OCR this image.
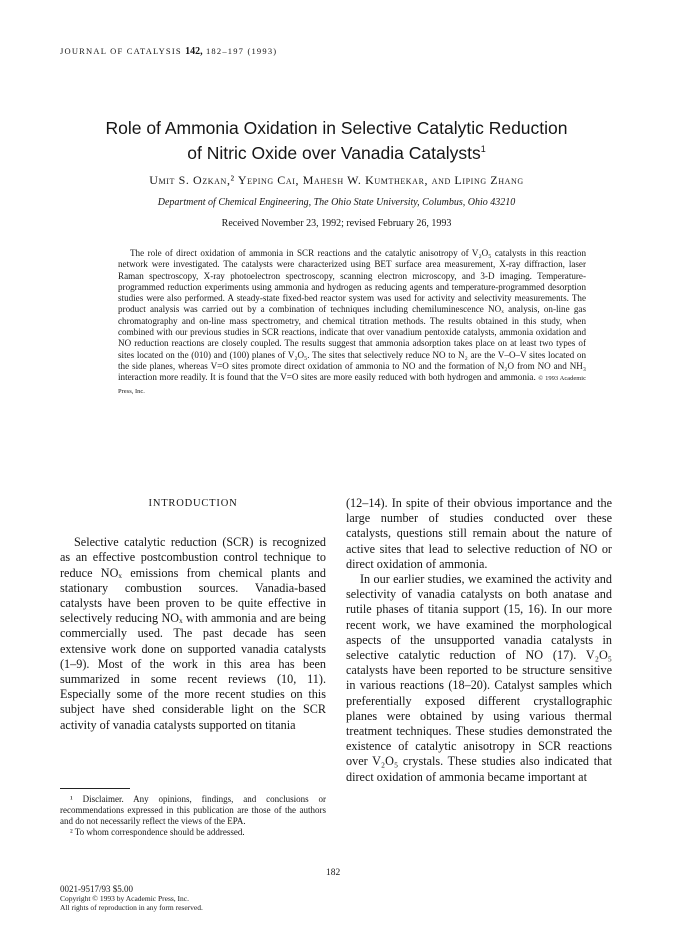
JOURNAL OF CATALYSIS 142, 182–197 (1993)
Role of Ammonia Oxidation in Selective Catalytic Reduction
of Nitric Oxide over Vanadia Catalysts$^1$
Umit S. Ozkan,² Yeping Cai, Mahesh W. Kumthekar, and Liping Zhang
Department of Chemical Engineering, The Ohio State University, Columbus, Ohio 43210
Received November 23, 1992; revised February 26, 1993
The role of direct oxidation of ammonia in SCR reactions and the catalytic anisotropy of V₂O₅ catalysts in this reaction network were investigated. The catalysts were characterized using BET surface area measurement, X-ray diffraction, laser Raman spectroscopy, X-ray photoelectron spectroscopy, scanning electron microscopy, and 3-D imaging. Temperature-programmed reduction experiments using ammonia and hydrogen as reducing agents and temperature-programmed desorption studies were also performed. A steady-state fixed-bed reactor system was used for activity and selectivity measurements. The product analysis was carried out by a combination of techniques including chemiluminescence NOₓ analysis, on-line gas chromatography and on-line mass spectrometry, and chemical titration methods. The results obtained in this study, when combined with our previous studies in SCR reactions, indicate that over vanadium pentoxide catalysts, ammonia oxidation and NO reduction reactions are closely coupled. The results suggest that ammonia adsorption takes place on at least two types of sites located on the (010) and (100) planes of V₂O₅. The sites that selectively reduce NO to N₂ are the V–O–V sites located on the side planes, whereas V=O sites promote direct oxidation of ammonia to NO and the formation of N₂O from NO and NH₃ interaction more readily. It is found that the V=O sites are more easily reduced with both hydrogen and ammonia. © 1993 Academic Press, Inc.
INTRODUCTION

Selective catalytic reduction (SCR) is recognized as an effective postcombustion control technique to reduce NOₓ emissions from chemical plants and stationary combustion sources. Vanadia-based catalysts have been proven to be quite effective in selectively reducing NOₓ with ammonia and are being commercially used. The past decade has seen extensive work done on supported vanadia catalysts (1–9). Most of the work in this area has been summarized in some recent reviews (10, 11). Especially some of the more recent studies on this subject have shed considerable light on the SCR activity of vanadia catalysts supported on titania

(12–14). In spite of their obvious importance and the large number of studies conducted over these catalysts, questions still remain about the nature of active sites that lead to selective reduction of NO or direct oxidation of ammonia.

In our earlier studies, we examined the activity and selectivity of vanadia catalysts on both anatase and rutile phases of titania support (15, 16). In our more recent work, we have examined the morphological aspects of the unsupported vanadia catalysts in selective catalytic reduction of NO (17). V₂O₅ catalysts have been reported to be structure sensitive in various reactions (18–20). Catalyst samples which preferentially exposed different crystallographic planes were obtained by using various thermal treatment techniques. These studies demonstrated the existence of catalytic anisotropy in SCR reactions over V₂O₅ crystals. These studies also indicated that direct oxidation of ammonia became important at

¹ Disclaimer. Any opinions, findings, and conclusions or recommendations expressed in this publication are those of the authors and do not necessarily reflect the views of the EPA.

² To whom correspondence should be addressed.

182
0021-9517/93 $5.00
Copyright © 1993 by Academic Press, Inc.
All rights of reproduction in any form reserved.
